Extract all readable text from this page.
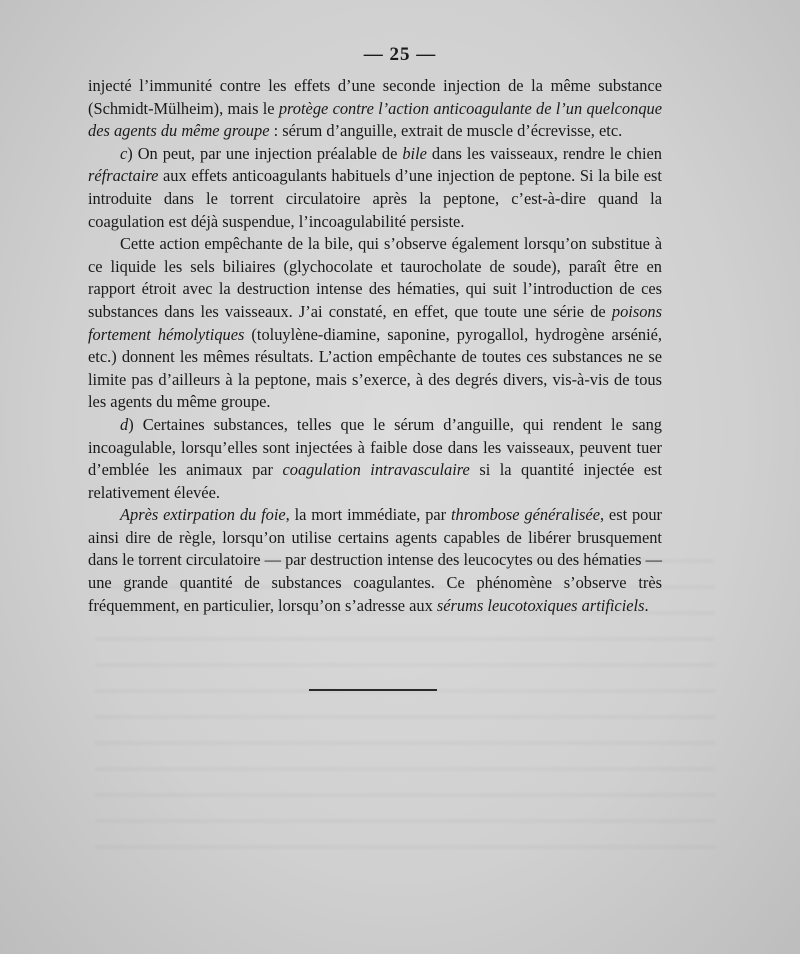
— 25 —

injecté l’immunité contre les effets d’une seconde injection de la même substance (Schmidt-Mülheim), mais le protège contre l’action anticoagulante de l’un quelconque des agents du même groupe : sérum d’anguille, extrait de muscle d’écrevisse, etc.

c) On peut, par une injection préalable de bile dans les vaisseaux, rendre le chien réfractaire aux effets anticoagulants habituels d’une injection de peptone. Si la bile est introduite dans le torrent circulatoire après la peptone, c’est-à-dire quand la coagulation est déjà suspendue, l’incoagulabilité persiste.

Cette action empêchante de la bile, qui s’observe également lorsqu’on substitue à ce liquide les sels biliaires (glychocolate et taurocholate de soude), paraît être en rapport étroit avec la destruction intense des hématies, qui suit l’introduction de ces substances dans les vaisseaux. J’ai constaté, en effet, que toute une série de poisons fortement hémolytiques (toluylène-diamine, saponine, pyrogallol, hydrogène arsénié, etc.) donnent les mêmes résultats. L’action empêchante de toutes ces substances ne se limite pas d’ailleurs à la peptone, mais s’exerce, à des degrés divers, vis-à-vis de tous les agents du même groupe.

d) Certaines substances, telles que le sérum d’anguille, qui rendent le sang incoagulable, lorsqu’elles sont injectées à faible dose dans les vaisseaux, peuvent tuer d’emblée les animaux par coagulation intravasculaire si la quantité injectée est relativement élevée.

Après extirpation du foie, la mort immédiate, par thrombose généralisée, est pour ainsi dire de règle, lorsqu’on utilise certains agents capables de libérer brusquement dans le torrent circulatoire — par destruction intense des leucocytes ou des hématies — une grande quantité de substances coagulantes. Ce phénomène s’observe très fréquemment, en particulier, lorsqu’on s’adresse aux sérums leucotoxiques artificiels.
